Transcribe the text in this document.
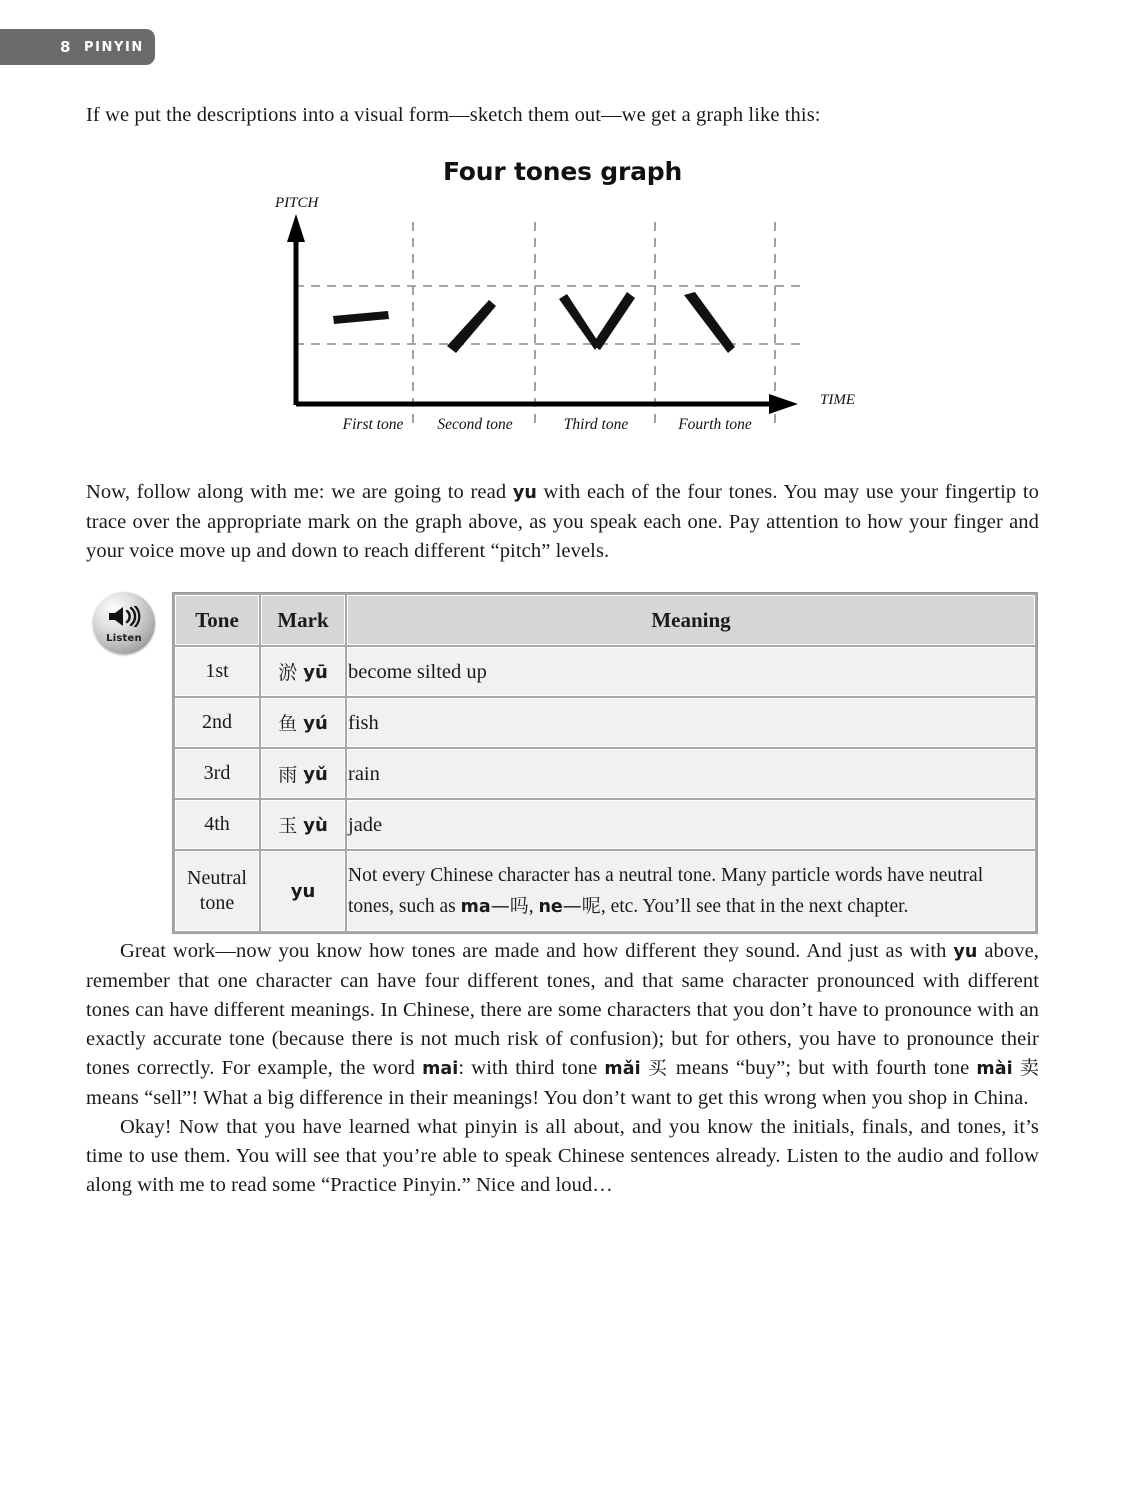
8 PINYIN

If we put the descriptions into a visual form—sketch them out—we get a graph like this:

Four tones graph
PITCH
TIME
First tone	Second tone	Third tone	Fourth tone

Now, follow along with me: we are going to read yu with each of the four tones. You may use your fingertip to trace over the appropriate mark on the graph above, as you speak each one. Pay attention to how your finger and your voice move up and down to reach different “pitch” levels.

Listen
Tone	Mark	Meaning
1st	淤 yū	become silted up
2nd	鱼 yú	fish
3rd	雨 yǔ	rain
4th	玉 yù	jade
Neutral
tone	yu	Not every Chinese character has a neutral tone. Many particle words have neutral tones, such as ma—吗, ne—呢, etc. You’ll see that in the next chapter.

Great work—now you know how tones are made and how different they sound. And just as with yu above, remember that one character can have four different tones, and that same character pronounced with different tones can have different meanings. In Chinese, there are some characters that you don’t have to pronounce with an exactly accurate tone (because there is not much risk of confusion); but for others, you have to pronounce their tones correctly. For example, the word mai: with third tone mǎi 买 means “buy”; but with fourth tone mài 卖 means “sell”! What a big difference in their meanings! You don’t want to get this wrong when you shop in China.

Okay! Now that you have learned what pinyin is all about, and you know the initials, finals, and tones, it’s time to use them. You will see that you’re able to speak Chinese sentences already. Listen to the audio and follow along with me to read some “Practice Pinyin.” Nice and loud…
